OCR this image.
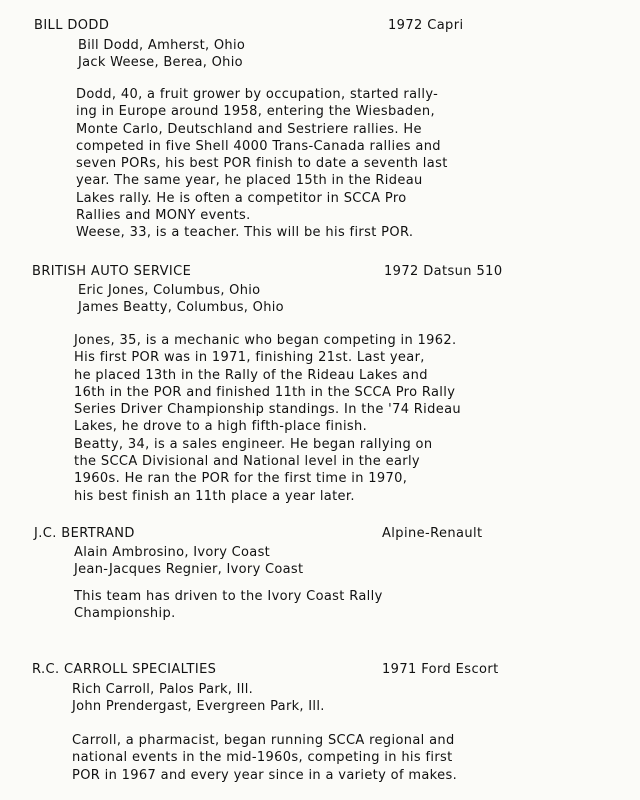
BILL DODD	1972 Capri
Bill Dodd, Amherst, Ohio
Jack Weese, Berea, Ohio
Dodd, 40, a fruit grower by occupation, started rally-
ing in Europe around 1958, entering the Wiesbaden,
Monte Carlo, Deutschland and Sestriere rallies. He
competed in five Shell 4000 Trans-Canada rallies and
seven PORs, his best POR finish to date a seventh last
year. The same year, he placed 15th in the Rideau
Lakes rally. He is often a competitor in SCCA Pro
Rallies and MONY events.
Weese, 33, is a teacher. This will be his first POR.
BRITISH AUTO SERVICE	1972 Datsun 510
Eric Jones, Columbus, Ohio
James Beatty, Columbus, Ohio
Jones, 35, is a mechanic who began competing in 1962.
His first POR was in 1971, finishing 21st. Last year,
he placed 13th in the Rally of the Rideau Lakes and
16th in the POR and finished 11th in the SCCA Pro Rally
Series Driver Championship standings. In the '74 Rideau
Lakes, he drove to a high fifth-place finish.
Beatty, 34, is a sales engineer. He began rallying on
the SCCA Divisional and National level in the early
1960s. He ran the POR for the first time in 1970,
his best finish an 11th place a year later.
J.C. BERTRAND	Alpine-Renault
Alain Ambrosino, Ivory Coast
Jean-Jacques Regnier, Ivory Coast
This team has driven to the Ivory Coast Rally
Championship.
R.C. CARROLL SPECIALTIES	1971 Ford Escort
Rich Carroll, Palos Park, Ill.
John Prendergast, Evergreen Park, Ill.
Carroll, a pharmacist, began running SCCA regional and
national events in the mid-1960s, competing in his first
POR in 1967 and every year since in a variety of makes.
